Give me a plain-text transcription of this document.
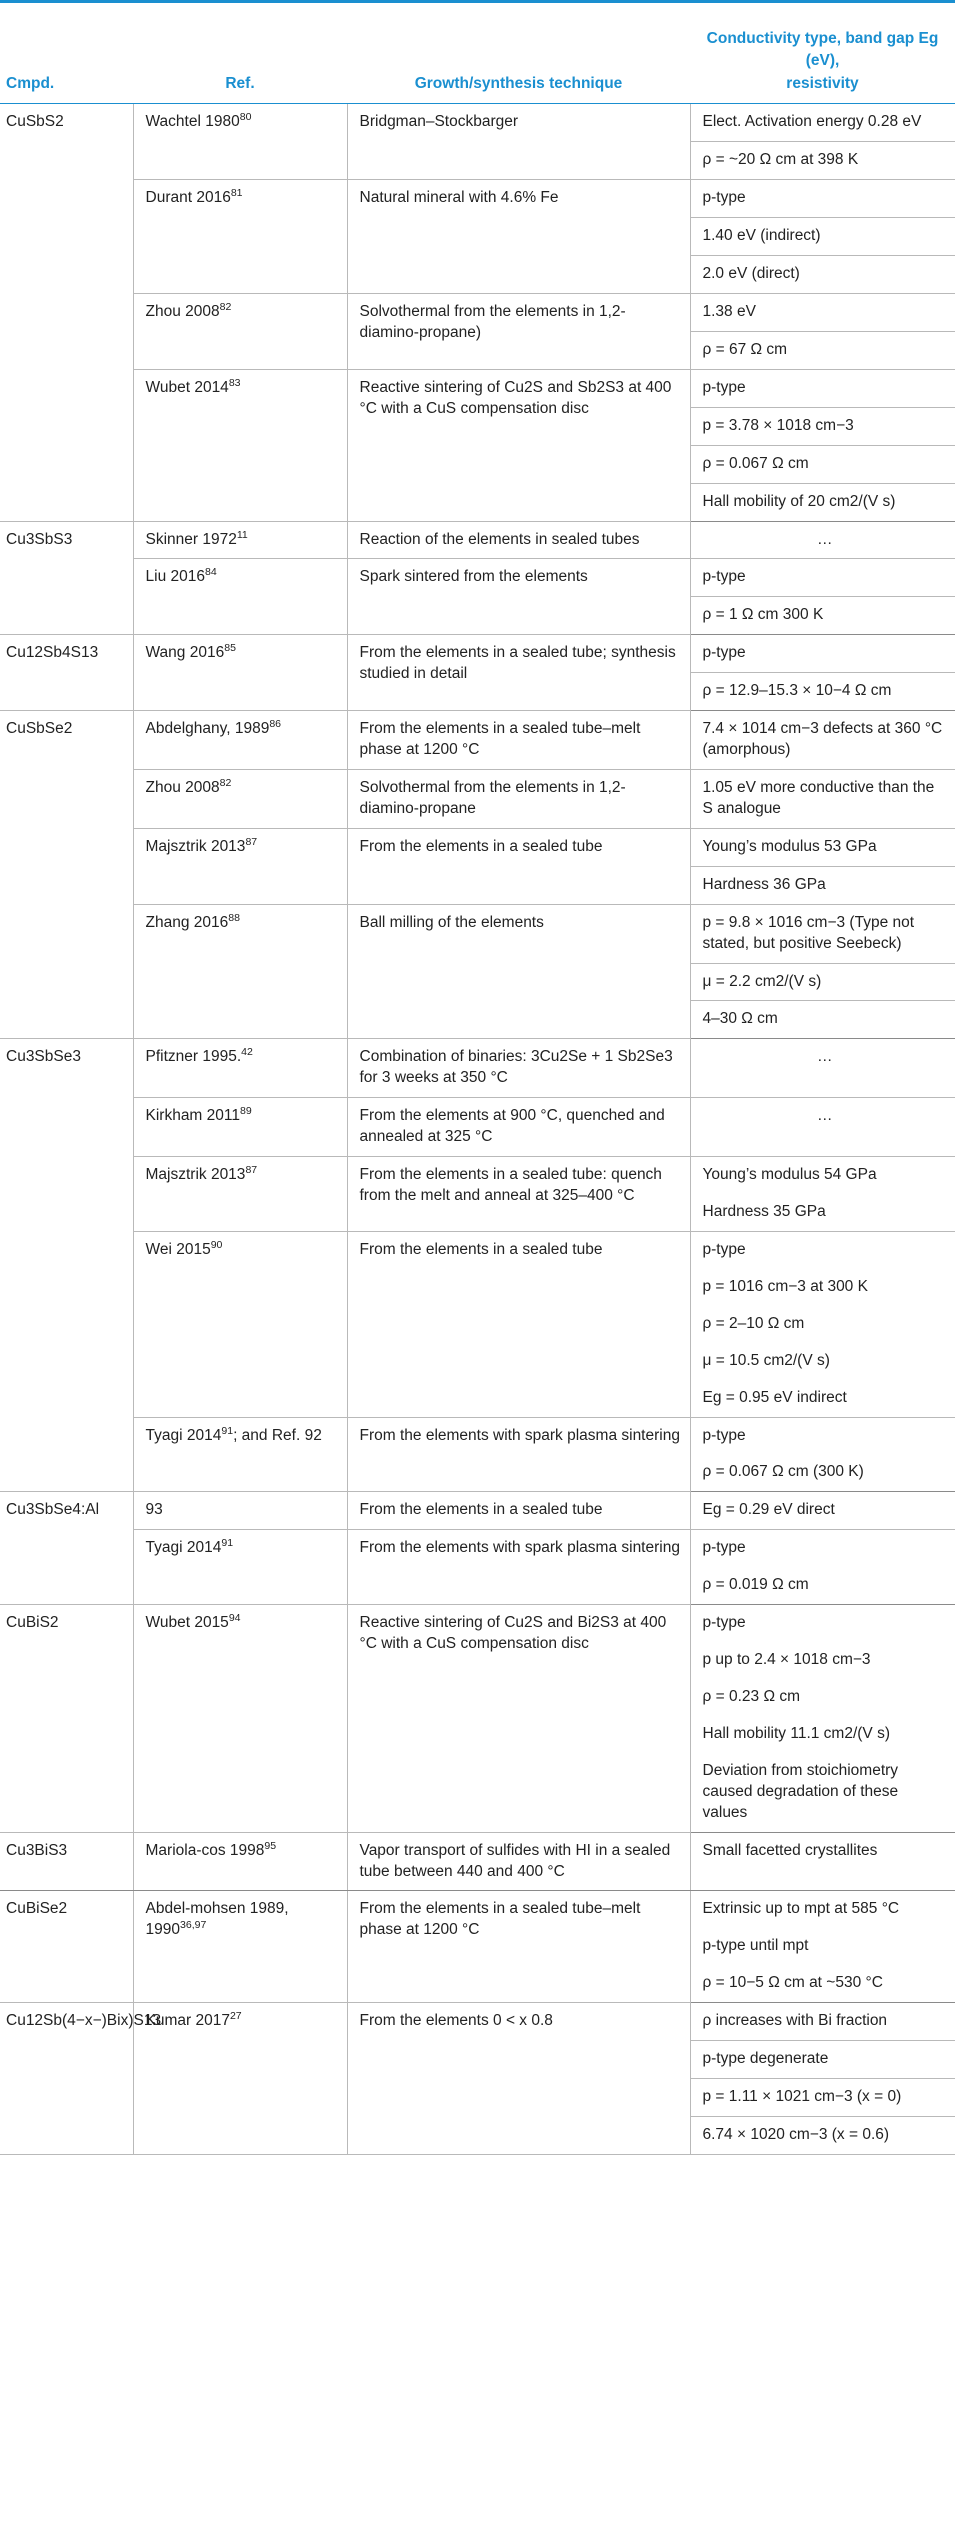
Cmpd.	Ref.	Growth/synthesis technique	Conductivity type, band gap Eg (eV),
resistivity
CuSbS2	Wachtel 1980$^{80}$	Bridgman–Stockbarger	Elect. Activation energy 0.28 eV
			ρ = ~20 Ω cm at 398 K
	Durant 2016$^{81}$	Natural mineral with 4.6% Fe	p-type
			1.40 eV (indirect)
			2.0 eV (direct)
	Zhou 2008$^{82}$	Solvothermal from the elements in 1,2-diamino-propane)	1.38 eV
			ρ = 67 Ω cm
	Wubet 2014$^{83}$	Reactive sintering of Cu2S and Sb2S3 at 400 °C with a CuS compensation disc	p-type
			p = 3.78 × 1018 cm−3
			ρ = 0.067 Ω cm
			Hall mobility of 20 cm2/(V s)
Cu3SbS3	Skinner 1972$^{11}$	Reaction of the elements in sealed tubes	…
	Liu 2016$^{84}$	Spark sintered from the elements	p-type
			ρ = 1 Ω cm 300 K
Cu12Sb4S13	Wang 2016$^{85}$	From the elements in a sealed tube; synthesis studied in detail	p-type
			ρ = 12.9–15.3 × 10−4 Ω cm
CuSbSe2	Abdelghany, 1989$^{86}$	From the elements in a sealed tube–melt phase at 1200 °C	7.4 × 1014 cm−3 defects at 360 °C (amorphous)
	Zhou 2008$^{82}$	Solvothermal from the elements in 1,2-diamino-propane	1.05 eV more conductive than the S analogue
	Majsztrik 2013$^{87}$	From the elements in a sealed tube	Young’s modulus 53 GPa
			Hardness 36 GPa
	Zhang 2016$^{88}$	Ball milling of the elements	p = 9.8 × 1016 cm−3 (Type not stated, but positive Seebeck)
			μ = 2.2 cm2/(V s)
			4–30 Ω cm
Cu3SbSe3	Pfitzner 1995.42	Combination of binaries: 3Cu2Se + 1 Sb2Se3 for 3 weeks at 350 °C	…
	Kirkham 2011$^{89}$	From the elements at 900 °C, quenched and annealed at 325 °C	…
	Majsztrik 2013$^{87}$	From the elements in a sealed tube: quench from the melt and anneal at 325–400 °C	Young’s modulus 54 GPa
			Hardness 35 GPa
	Wei 2015$^{90}$	From the elements in a sealed tube	p-type
			p = 1016 cm−3 at 300 K
			ρ = 2–10 Ω cm
			μ = 10.5 cm2/(V s)
			Eg = 0.95 eV indirect
	Tyagi 2014$^{91}$; and Ref. 92	From the elements with spark plasma sintering	p-type
			ρ = 0.067 Ω cm (300 K)
Cu3SbSe4:Al	93	From the elements in a sealed tube	Eg = 0.29 eV direct
	Tyagi 2014$^{91}$	From the elements with spark plasma sintering	p-type
			ρ = 0.019 Ω cm
CuBiS2	Wubet 2015$^{94}$	Reactive sintering of Cu2S and Bi2S3 at 400 °C with a CuS compensation disc	p-type
			p up to 2.4 × 1018 cm−3
			ρ = 0.23 Ω cm
			Hall mobility 11.1 cm2/(V s)
			Deviation from stoichiometry caused degradation of these values
Cu3BiS3	Mariola-cos 1998$^{95}$	Vapor transport of sulfides with HI in a sealed tube between 440 and 400 °C	Small facetted crystallites
CuBiSe2	Abdel-mohsen 1989, 1990$^{36,97}$	From the elements in a sealed tube–melt phase at 1200 °C	Extrinsic up to mpt at 585 °C
			p-type until mpt
			ρ = 10−5 Ω cm at ~530 °C
Cu12Sb(4−x−)Bix)S13	Kumar 2017$^{27}$	From the elements 0 < x 0.8	ρ increases with Bi fraction
			p-type degenerate
			p = 1.11 × 1021 cm−3 (x = 0)
			6.74 × 1020 cm−3 (x = 0.6)
